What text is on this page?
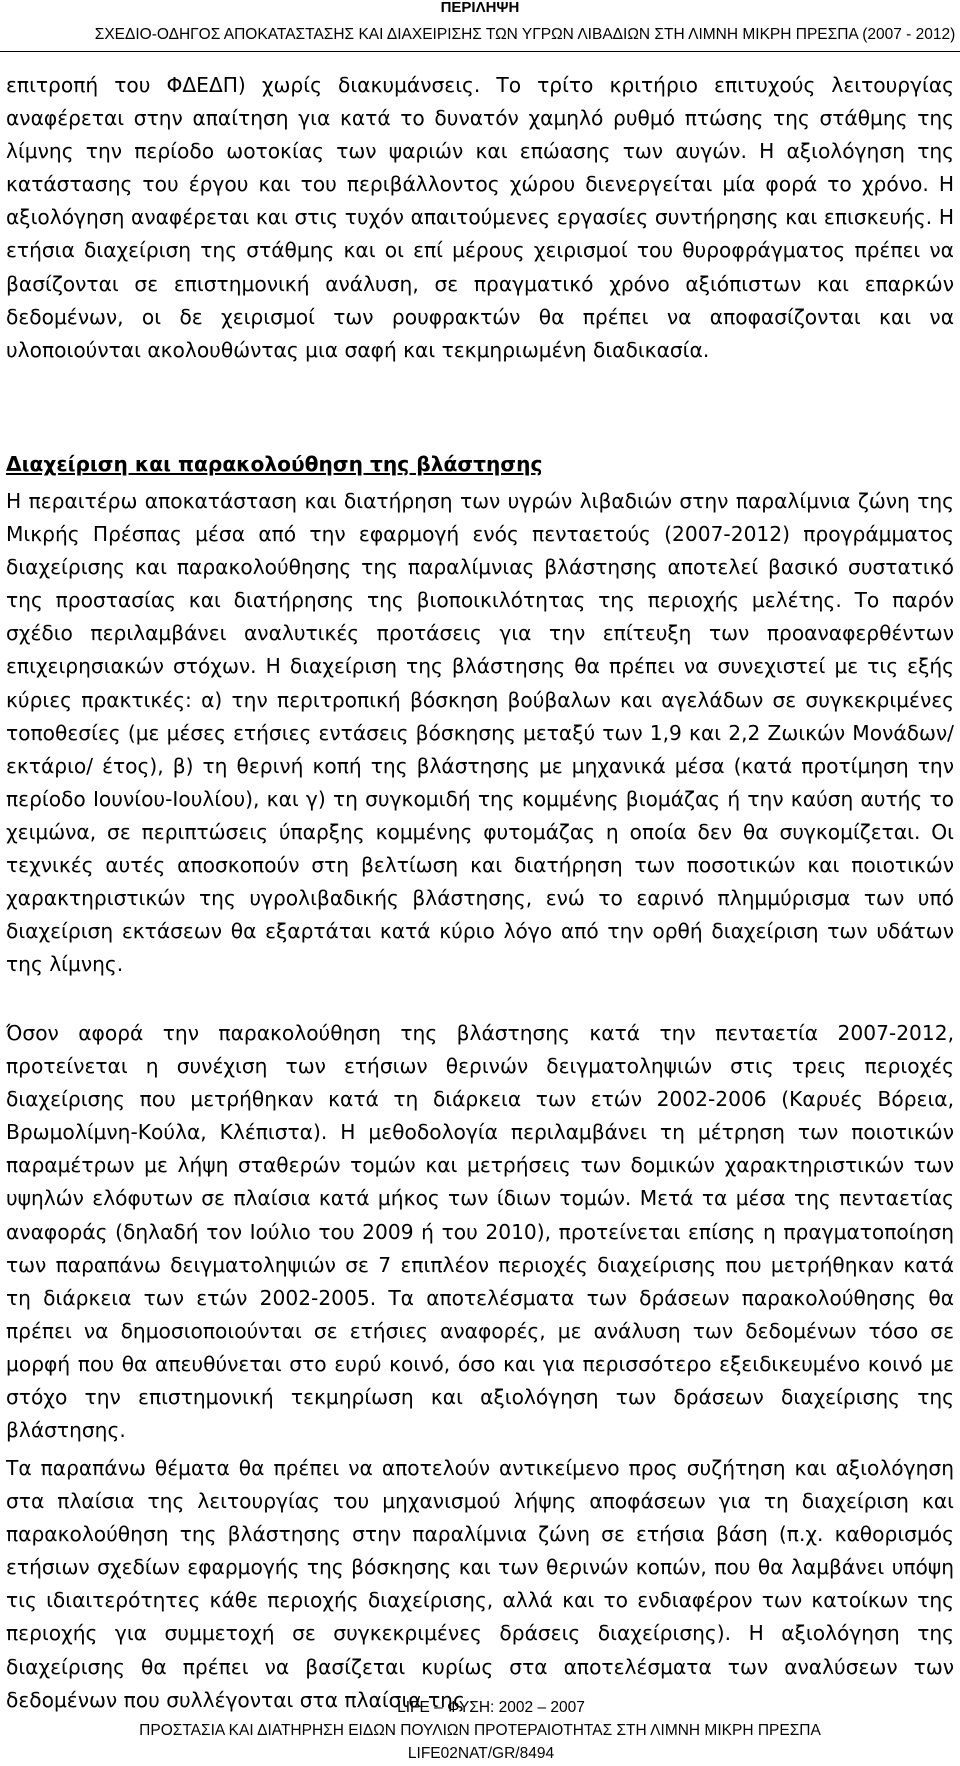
ΠΕΡΙΛΗΨΗ
ΣΧΕΔΙΟ-ΟΔΗΓΟΣ ΑΠΟΚΑΤΑΣΤΑΣΗΣ ΚΑΙ ΔΙΑΧΕΙΡΙΣΗΣ ΤΩΝ ΥΓΡΩΝ ΛΙΒΑΔΙΩΝ ΣΤΗ ΛΙΜΝΗ ΜΙΚΡΗ ΠΡΕΣΠΑ (2007 - 2012)
επιτροπή του ΦΔΕΔΠ) χωρίς διακυμάνσεις. Το τρίτο κριτήριο επιτυχούς λειτουργίας αναφέρεται στην απαίτηση για κατά το δυνατόν χαμηλό ρυθμό πτώσης της στάθμης της λίμνης την περίοδο ωοτοκίας των ψαριών και επώασης των αυγών. Η αξιολόγηση της κατάστασης του έργου και του περιβάλλοντος χώρου διενεργείται μία φορά το χρόνο. Η αξιολόγηση αναφέρεται και στις τυχόν απαιτούμενες εργασίες συντήρησης και επισκευής. Η ετήσια διαχείριση της στάθμης και οι επί μέρους χειρισμοί του θυροφράγματος πρέπει να βασίζονται σε επιστημονική ανάλυση, σε πραγματικό χρόνο αξιόπιστων και επαρκών δεδομένων, οι δε χειρισμοί των ρουφρακτών θα πρέπει να αποφασίζονται και να υλοποιούνται ακολουθώντας μια σαφή και τεκμηριωμένη διαδικασία.
Διαχείριση και παρακολούθηση της βλάστησης
Η περαιτέρω αποκατάσταση και διατήρηση των υγρών λιβαδιών στην παραλίμνια ζώνη της Μικρής Πρέσπας μέσα από την εφαρμογή ενός πενταετούς (2007-2012) προγράμματος διαχείρισης και παρακολούθησης της παραλίμνιας βλάστησης αποτελεί βασικό συστατικό της προστασίας και διατήρησης της βιοποικιλότητας της περιοχής μελέτης. Το παρόν σχέδιο περιλαμβάνει αναλυτικές προτάσεις για την επίτευξη των προαναφερθέντων επιχειρησιακών στόχων. Η διαχείριση της βλάστησης θα πρέπει να συνεχιστεί με τις εξής κύριες πρακτικές: α) την περιτροπική βόσκηση βούβαλων και αγελάδων σε συγκεκριμένες τοποθεσίες (με μέσες ετήσιες εντάσεις βόσκησης μεταξύ των 1,9 και 2,2 Ζωικών Μονάδων/ εκτάριο/ έτος), β) τη θερινή κοπή της βλάστησης με μηχανικά μέσα (κατά προτίμηση την περίοδο Ιουνίου-Ιουλίου), και γ) τη συγκομιδή της κομμένης βιομάζας ή την καύση αυτής το χειμώνα, σε περιπτώσεις ύπαρξης κομμένης φυτομάζας η οποία δεν θα συγκομίζεται. Οι τεχνικές αυτές αποσκοπούν στη βελτίωση και διατήρηση των ποσοτικών και ποιοτικών χαρακτηριστικών της υγρολιβαδικής βλάστησης, ενώ το εαρινό πλημμύρισμα των υπό διαχείριση εκτάσεων θα εξαρτάται κατά κύριο λόγο από την ορθή διαχείριση των υδάτων της λίμνης.
Όσον αφορά την παρακολούθηση της βλάστησης κατά την πενταετία 2007-2012, προτείνεται η συνέχιση των ετήσιων θερινών δειγματοληψιών στις τρεις περιοχές διαχείρισης που μετρήθηκαν κατά τη διάρκεια των ετών 2002-2006 (Καρυές Βόρεια, Βρωμολίμνη-Κούλα, Κλέπιστα). Η μεθοδολογία περιλαμβάνει τη μέτρηση των ποιοτικών παραμέτρων με λήψη σταθερών τομών και μετρήσεις των δομικών χαρακτηριστικών των υψηλών ελόφυτων σε πλαίσια κατά μήκος των ίδιων τομών. Μετά τα μέσα της πενταετίας αναφοράς (δηλαδή τον Ιούλιο του 2009 ή του 2010), προτείνεται επίσης η πραγματοποίηση των παραπάνω δειγματοληψιών σε 7 επιπλέον περιοχές διαχείρισης που μετρήθηκαν κατά τη διάρκεια των ετών 2002-2005. Τα αποτελέσματα των δράσεων παρακολούθησης θα πρέπει να δημοσιοποιούνται σε ετήσιες αναφορές, με ανάλυση των δεδομένων τόσο σε μορφή που θα απευθύνεται στο ευρύ κοινό, όσο και για περισσότερο εξειδικευμένο κοινό με στόχο την επιστημονική τεκμηρίωση και αξιολόγηση των δράσεων διαχείρισης της βλάστησης.
Τα παραπάνω θέματα θα πρέπει να αποτελούν αντικείμενο προς συζήτηση και αξιολόγηση στα πλαίσια της λειτουργίας του μηχανισμού λήψης αποφάσεων για τη διαχείριση και παρακολούθηση της βλάστησης στην παραλίμνια ζώνη σε ετήσια βάση (π.χ. καθορισμός ετήσιων σχεδίων εφαρμογής της βόσκησης και των θερινών κοπών, που θα λαμβάνει υπόψη τις ιδιαιτερότητες κάθε περιοχής διαχείρισης, αλλά και το ενδιαφέρον των κατοίκων της περιοχής για συμμετοχή σε συγκεκριμένες δράσεις διαχείρισης). Η αξιολόγηση της διαχείρισης θα πρέπει να βασίζεται κυρίως στα αποτελέσματα των αναλύσεων των δεδομένων που συλλέγονται στα πλαίσια της
LIFE – ΦΥΣΗ: 2002 – 2007
ΠΡΟΣΤΑΣΙΑ ΚΑΙ ΔΙΑΤΗΡΗΣΗ ΕΙΔΩΝ ΠΟΥΛΙΩΝ ΠΡΟΤΕΡΑΙΟΤΗΤΑΣ ΣΤΗ ΛΙΜΝΗ ΜΙΚΡΗ ΠΡΕΣΠΑ
LIFE02NAT/GR/8494
